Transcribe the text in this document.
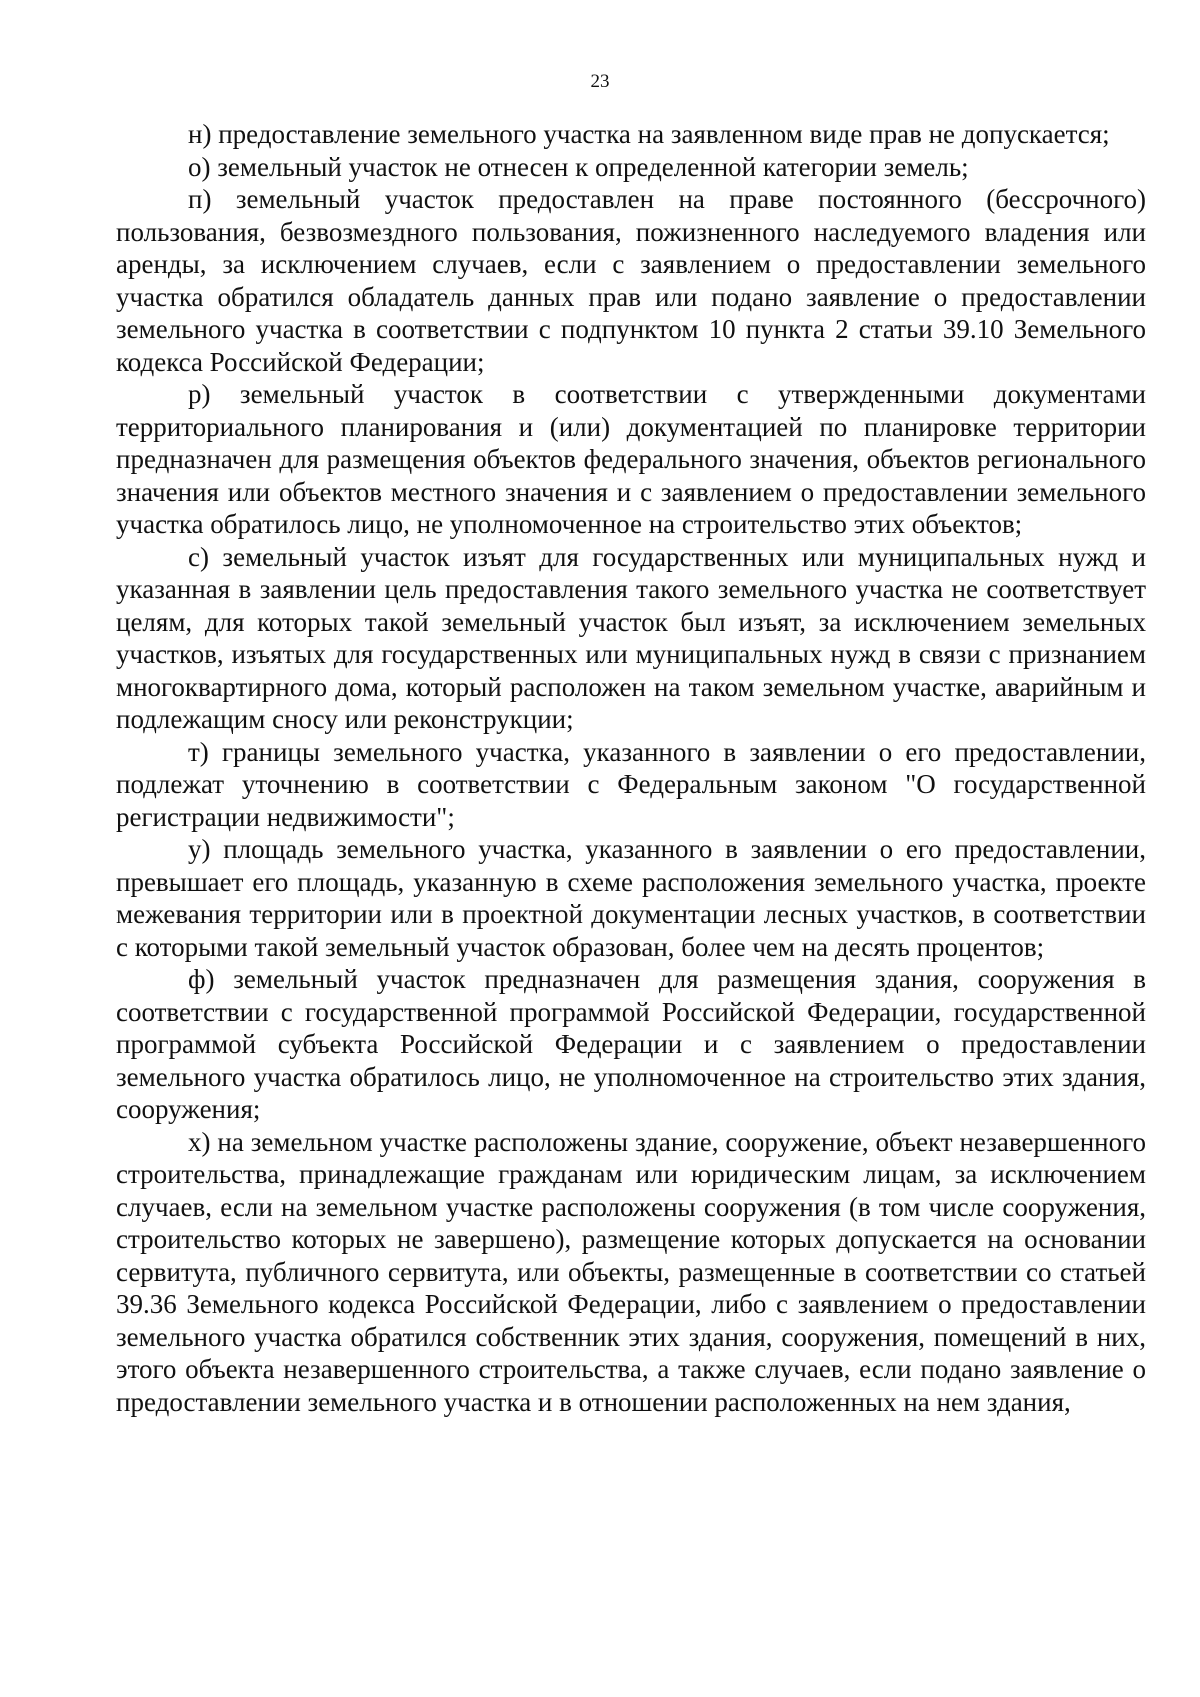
23

н) предоставление земельного участка на заявленном виде прав не допускается;

о) земельный участок не отнесен к определенной категории земель;

п) земельный участок предоставлен на праве постоянного (бессрочного) пользования, безвозмездного пользования, пожизненного наследуемого владения или аренды, за исключением случаев, если с заявлением о предоставлении земельного участка обратился обладатель данных прав или подано заявление о предоставлении земельного участка в соответствии с подпунктом 10 пункта 2 статьи 39.10 Земельного кодекса Российской Федерации;

р) земельный участок в соответствии с утвержденными документами территориального планирования и (или) документацией по планировке территории предназначен для размещения объектов федерального значения, объектов регионального значения или объектов местного значения и с заявлением о предоставлении земельного участка обратилось лицо, не уполномоченное на строительство этих объектов;

с) земельный участок изъят для государственных или муниципальных нужд и указанная в заявлении цель предоставления такого земельного участка не соответствует целям, для которых такой земельный участок был изъят, за исключением земельных участков, изъятых для государственных или муниципальных нужд в связи с признанием многоквартирного дома, который расположен на таком земельном участке, аварийным и подлежащим сносу или реконструкции;

т) границы земельного участка, указанного в заявлении о его предоставлении, подлежат уточнению в соответствии с Федеральным законом "О государственной регистрации недвижимости";

у) площадь земельного участка, указанного в заявлении о его предоставлении, превышает его площадь, указанную в схеме расположения земельного участка, проекте межевания территории или в проектной документации лесных участков, в соответствии с которыми такой земельный участок образован, более чем на десять процентов;

ф) земельный участок предназначен для размещения здания, сооружения в соответствии с государственной программой Российской Федерации, государственной программой субъекта Российской Федерации и с заявлением о предоставлении земельного участка обратилось лицо, не уполномоченное на строительство этих здания, сооружения;

х) на земельном участке расположены здание, сооружение, объект незавершенного строительства, принадлежащие гражданам или юридическим лицам, за исключением случаев, если на земельном участке расположены сооружения (в том числе сооружения, строительство которых не завершено), размещение которых допускается на основании сервитута, публичного сервитута, или объекты, размещенные в соответствии со статьей 39.36 Земельного кодекса Российской Федерации, либо с заявлением о предоставлении земельного участка обратился собственник этих здания, сооружения, помещений в них, этого объекта незавершенного строительства, а также случаев, если подано заявление о предоставлении земельного участка и в отношении расположенных на нем здания,
